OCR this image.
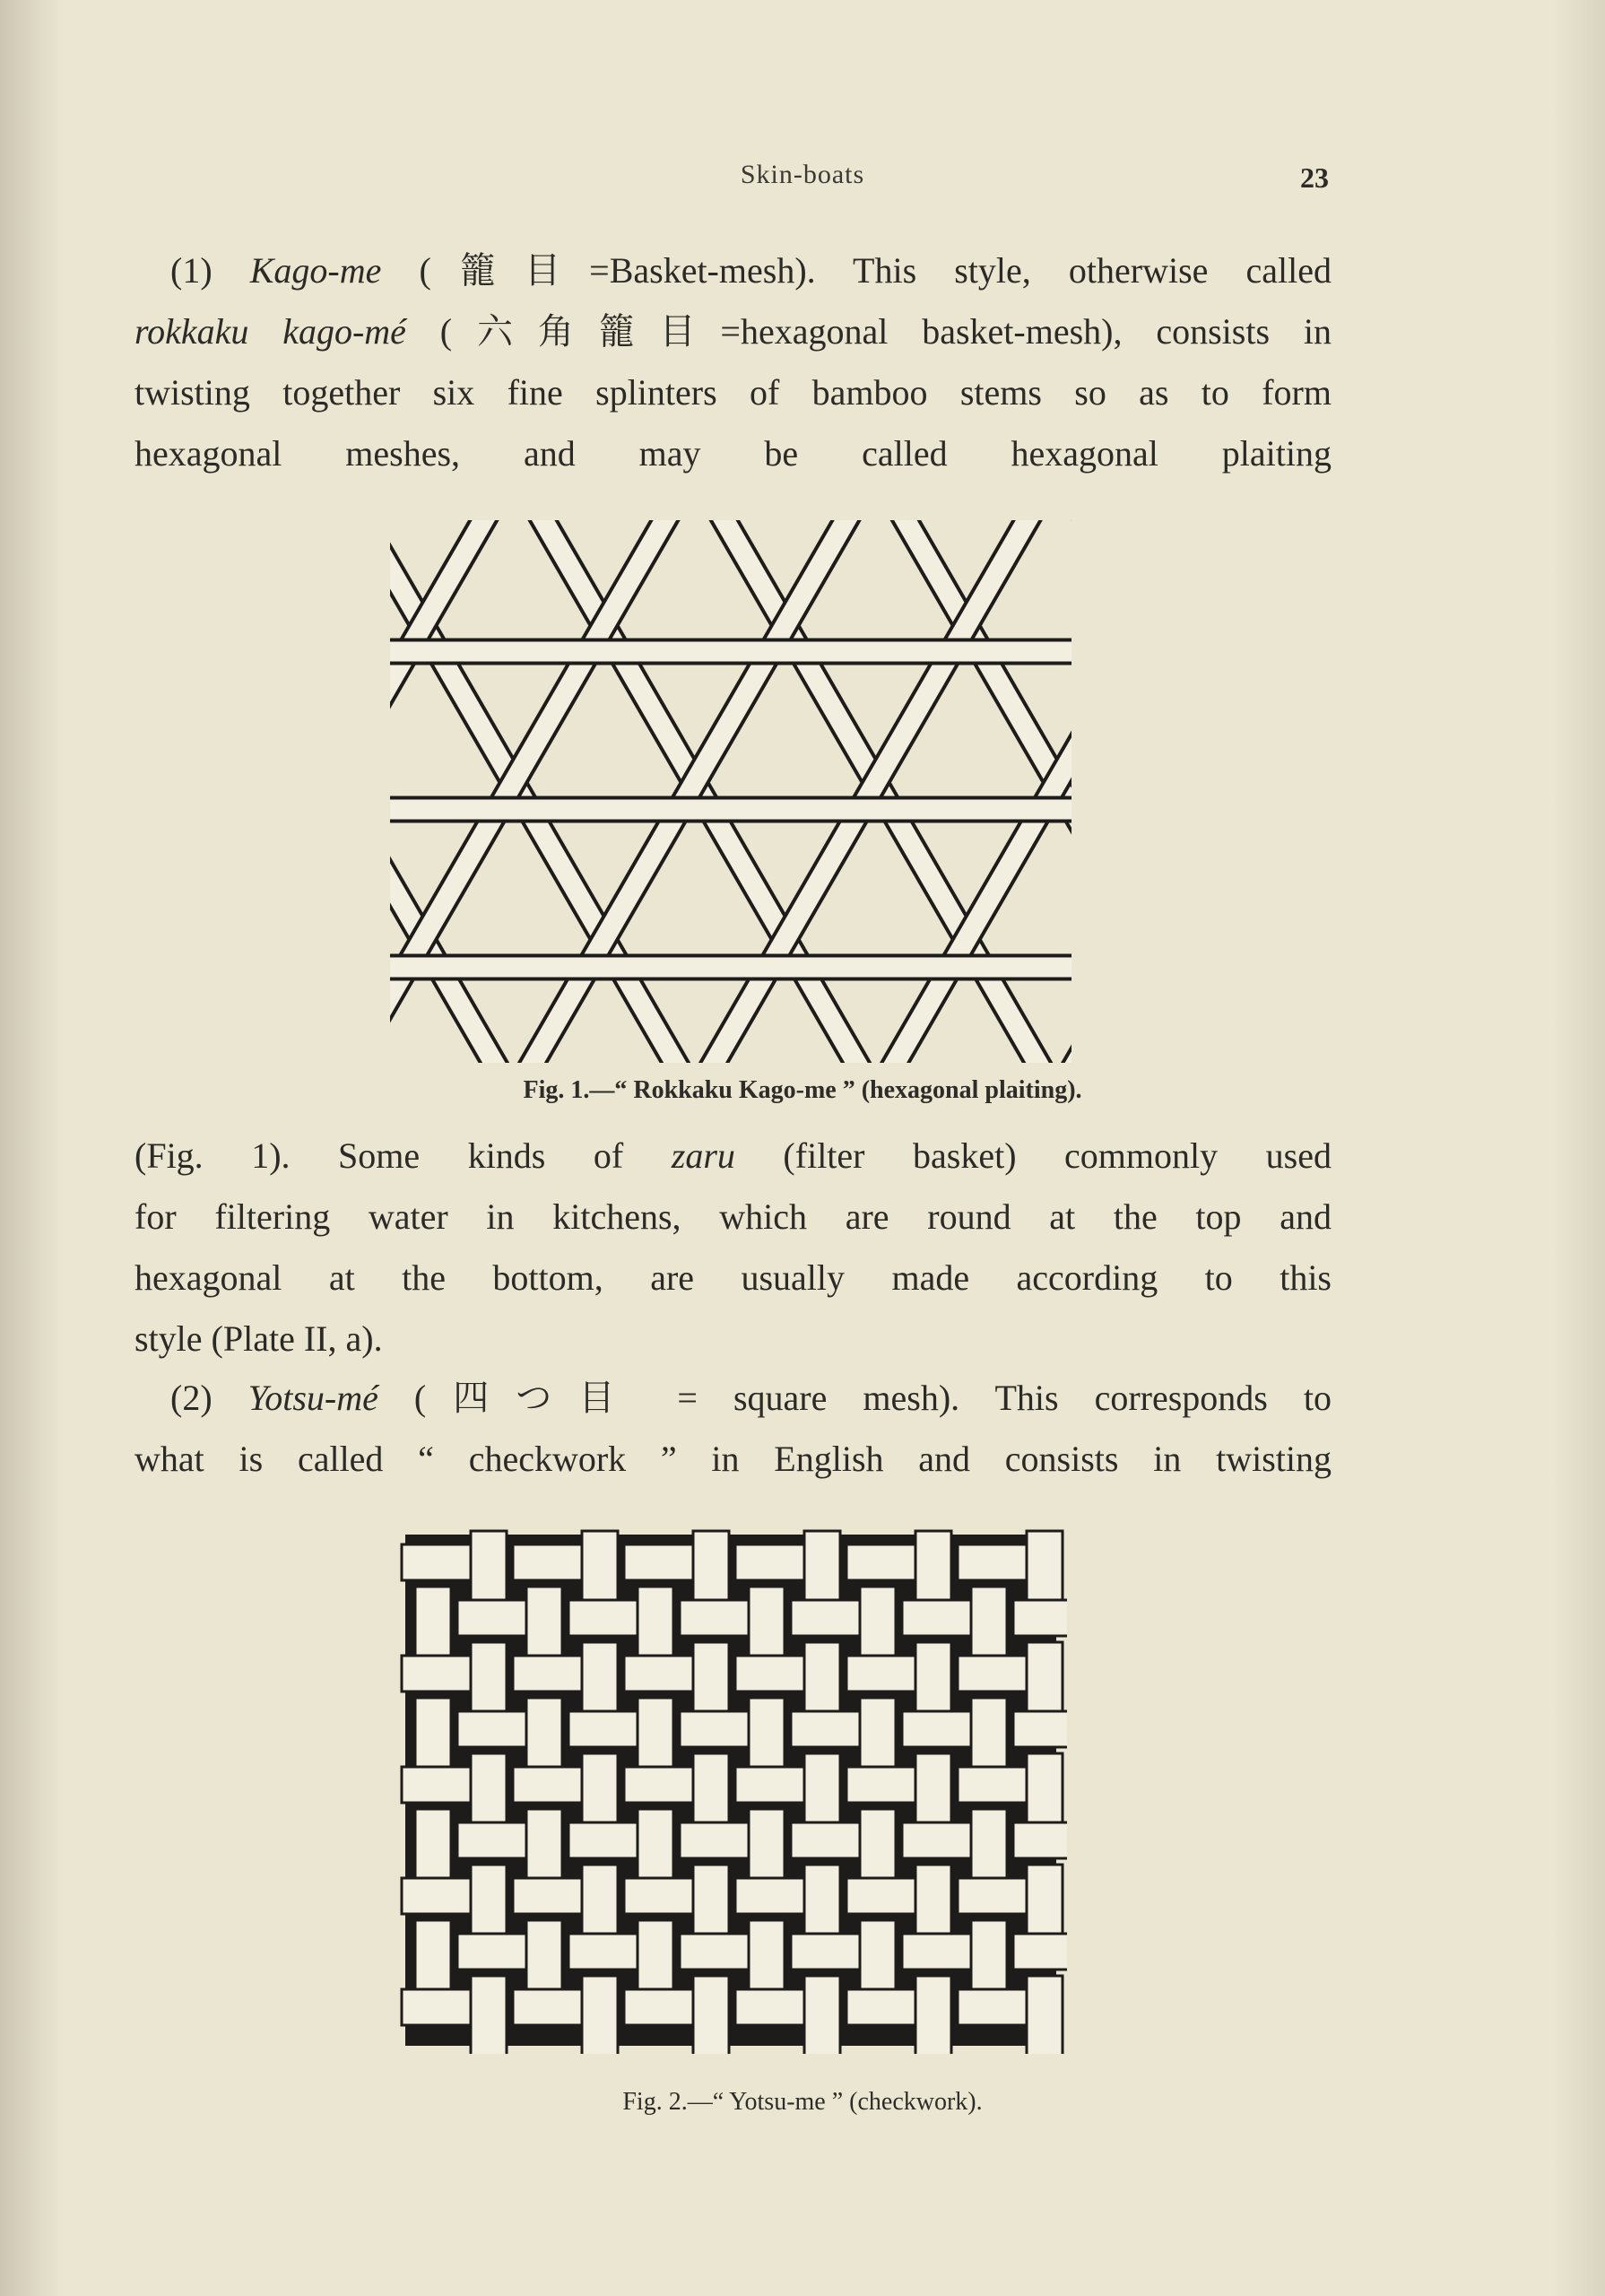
Skin-boats	23

(1) Kago-me (籠目=Basket-mesh). This style, otherwise called

rokkaku kago-mé (六角籠目=hexagonal basket-mesh), consists in

twisting together six fine splinters of bamboo stems so as to form

hexagonal meshes, and may be called hexagonal plaiting

Fig. 1.—“ Rokkaku Kago-me ” (hexagonal plaiting).

(Fig. 1). Some kinds of zaru (filter basket) commonly used

for filtering water in kitchens, which are round at the top and

hexagonal at the bottom, are usually made according to this

style (Plate II, a).

(2) Yotsu-mé (四つ目 = square mesh). This corresponds to

what is called “ checkwork ” in English and consists in twisting

Fig. 2.—“ Yotsu-me ” (checkwork).
